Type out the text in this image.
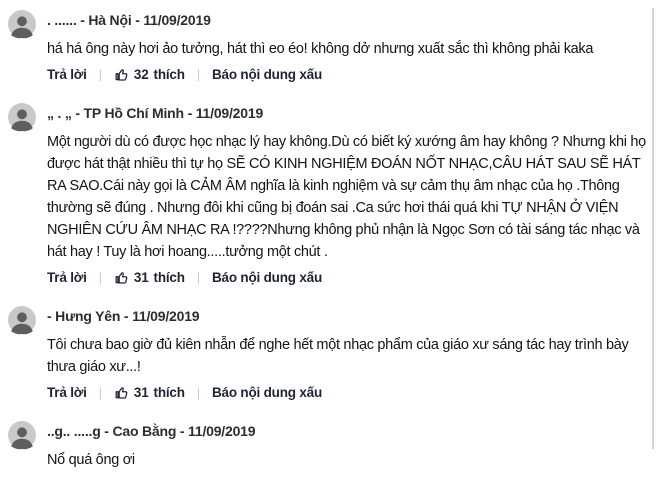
. ...... - Hà Nội - 11/09/2019
há há ông này hơi ảo tưởng, hát thì eo éo! không dở nhưng xuất sắc thì không phải kaka
Trả lời | 32 thích | Báo nội dung xấu
„ . „ - TP Hồ Chí Minh - 11/09/2019
Một người dù có được học nhạc lý hay không.Dù có biết ký xướng âm hay không ? Nhưng khi họ được hát thật nhiều thì tự họ SẼ CÓ KINH NGHIỆM ĐOÁN NỐT NHẠC,CÂU HÁT SAU SẼ HÁT RA SAO.Cái này gọi là CẢM ÂM nghĩa là kinh nghiệm và sự cảm thụ âm nhạc của họ .Thông thường sẽ đúng . Nhưng đôi khi cũng bị đoán sai .Ca sức hơi thái quá khi TỰ NHẬN Ở VIỆN NGHIÊN CỨU ÂM NHẠC RA !????Nhưng không phủ nhận là Ngọc Sơn có tài sáng tác nhạc và hát hay ! Tuy là hơi hoang.....tưởng một chút .
Trả lời | 31 thích | Báo nội dung xấu
- Hưng Yên - 11/09/2019
Tôi chưa bao giờ đủ kiên nhẫn để nghe hết một nhạc phẩm của giáo xư sáng tác hay trình bày thưa giáo xư...!
Trả lời | 31 thích | Báo nội dung xấu
..g.. .....g - Cao Bằng - 11/09/2019
Nổ quá ông ơi
